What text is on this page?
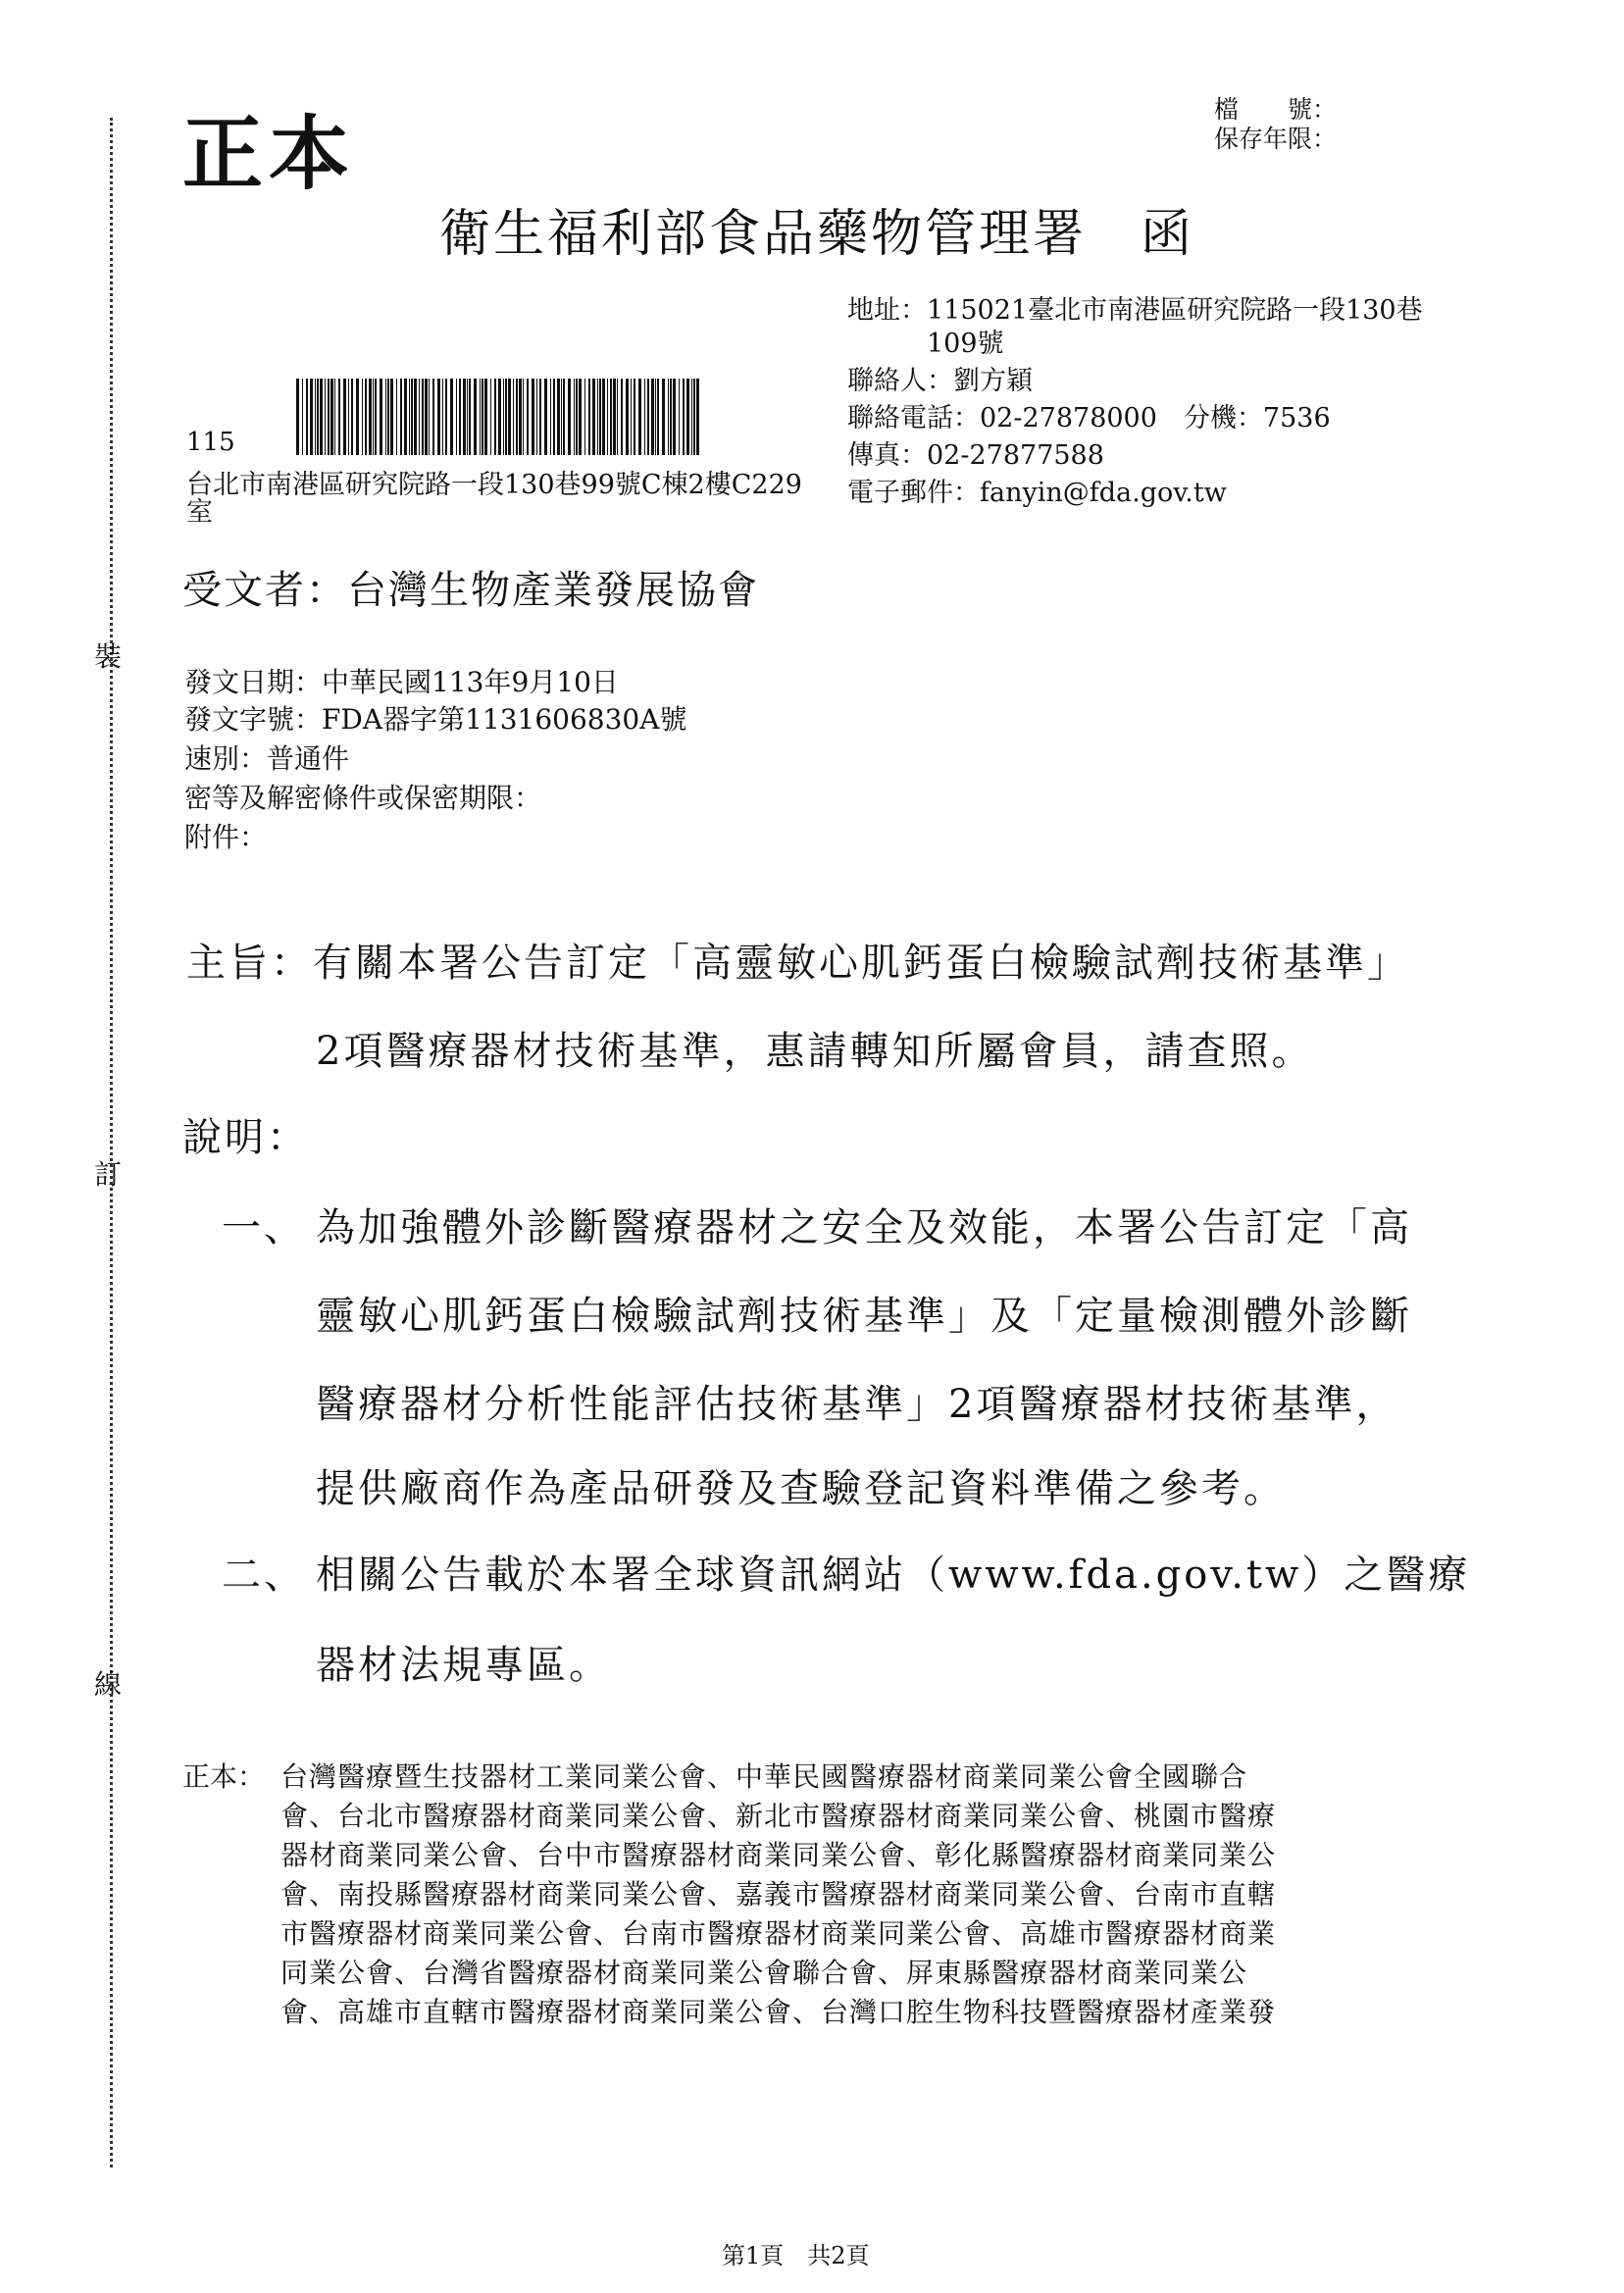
裝
訂
線
正本	檔　　號：
保存年限：
衛生福利部食品藥物管理署　函
地址：115021臺北市南港區研究院路一段130巷
　　　109號
聯絡人：劉方穎
聯絡電話：02-27878000　分機：7536
傳真：02-27877588
電子郵件：fanyin@fda.gov.tw
115
台北市南港區研究院路一段130巷99號C棟2樓C229
室
受文者：台灣生物產業發展協會
發文日期：中華民國113年9月10日
發文字號：FDA器字第1131606830A號
速別：普通件
密等及解密條件或保密期限：
附件：
主旨：有關本署公告訂定「高靈敏心肌鈣蛋白檢驗試劑技術基準」
2項醫療器材技術基準，惠請轉知所屬會員，請查照。
說明：
一、 為加強體外診斷醫療器材之安全及效能，本署公告訂定「高
靈敏心肌鈣蛋白檢驗試劑技術基準」及「定量檢測體外診斷
醫療器材分析性能評估技術基準」2項醫療器材技術基準，
提供廠商作為產品研發及查驗登記資料準備之參考。
二、 相關公告載於本署全球資訊網站（www.fda.gov.tw）之醫療
器材法規專區。
正本： 台灣醫療暨生技器材工業同業公會、中華民國醫療器材商業同業公會全國聯合
會、台北市醫療器材商業同業公會、新北市醫療器材商業同業公會、桃園市醫療
器材商業同業公會、台中市醫療器材商業同業公會、彰化縣醫療器材商業同業公
會、南投縣醫療器材商業同業公會、嘉義市醫療器材商業同業公會、台南市直轄
市醫療器材商業同業公會、台南市醫療器材商業同業公會、高雄市醫療器材商業
同業公會、台灣省醫療器材商業同業公會聯合會、屏東縣醫療器材商業同業公
會、高雄市直轄市醫療器材商業同業公會、台灣口腔生物科技暨醫療器材產業發
第1頁　共2頁
